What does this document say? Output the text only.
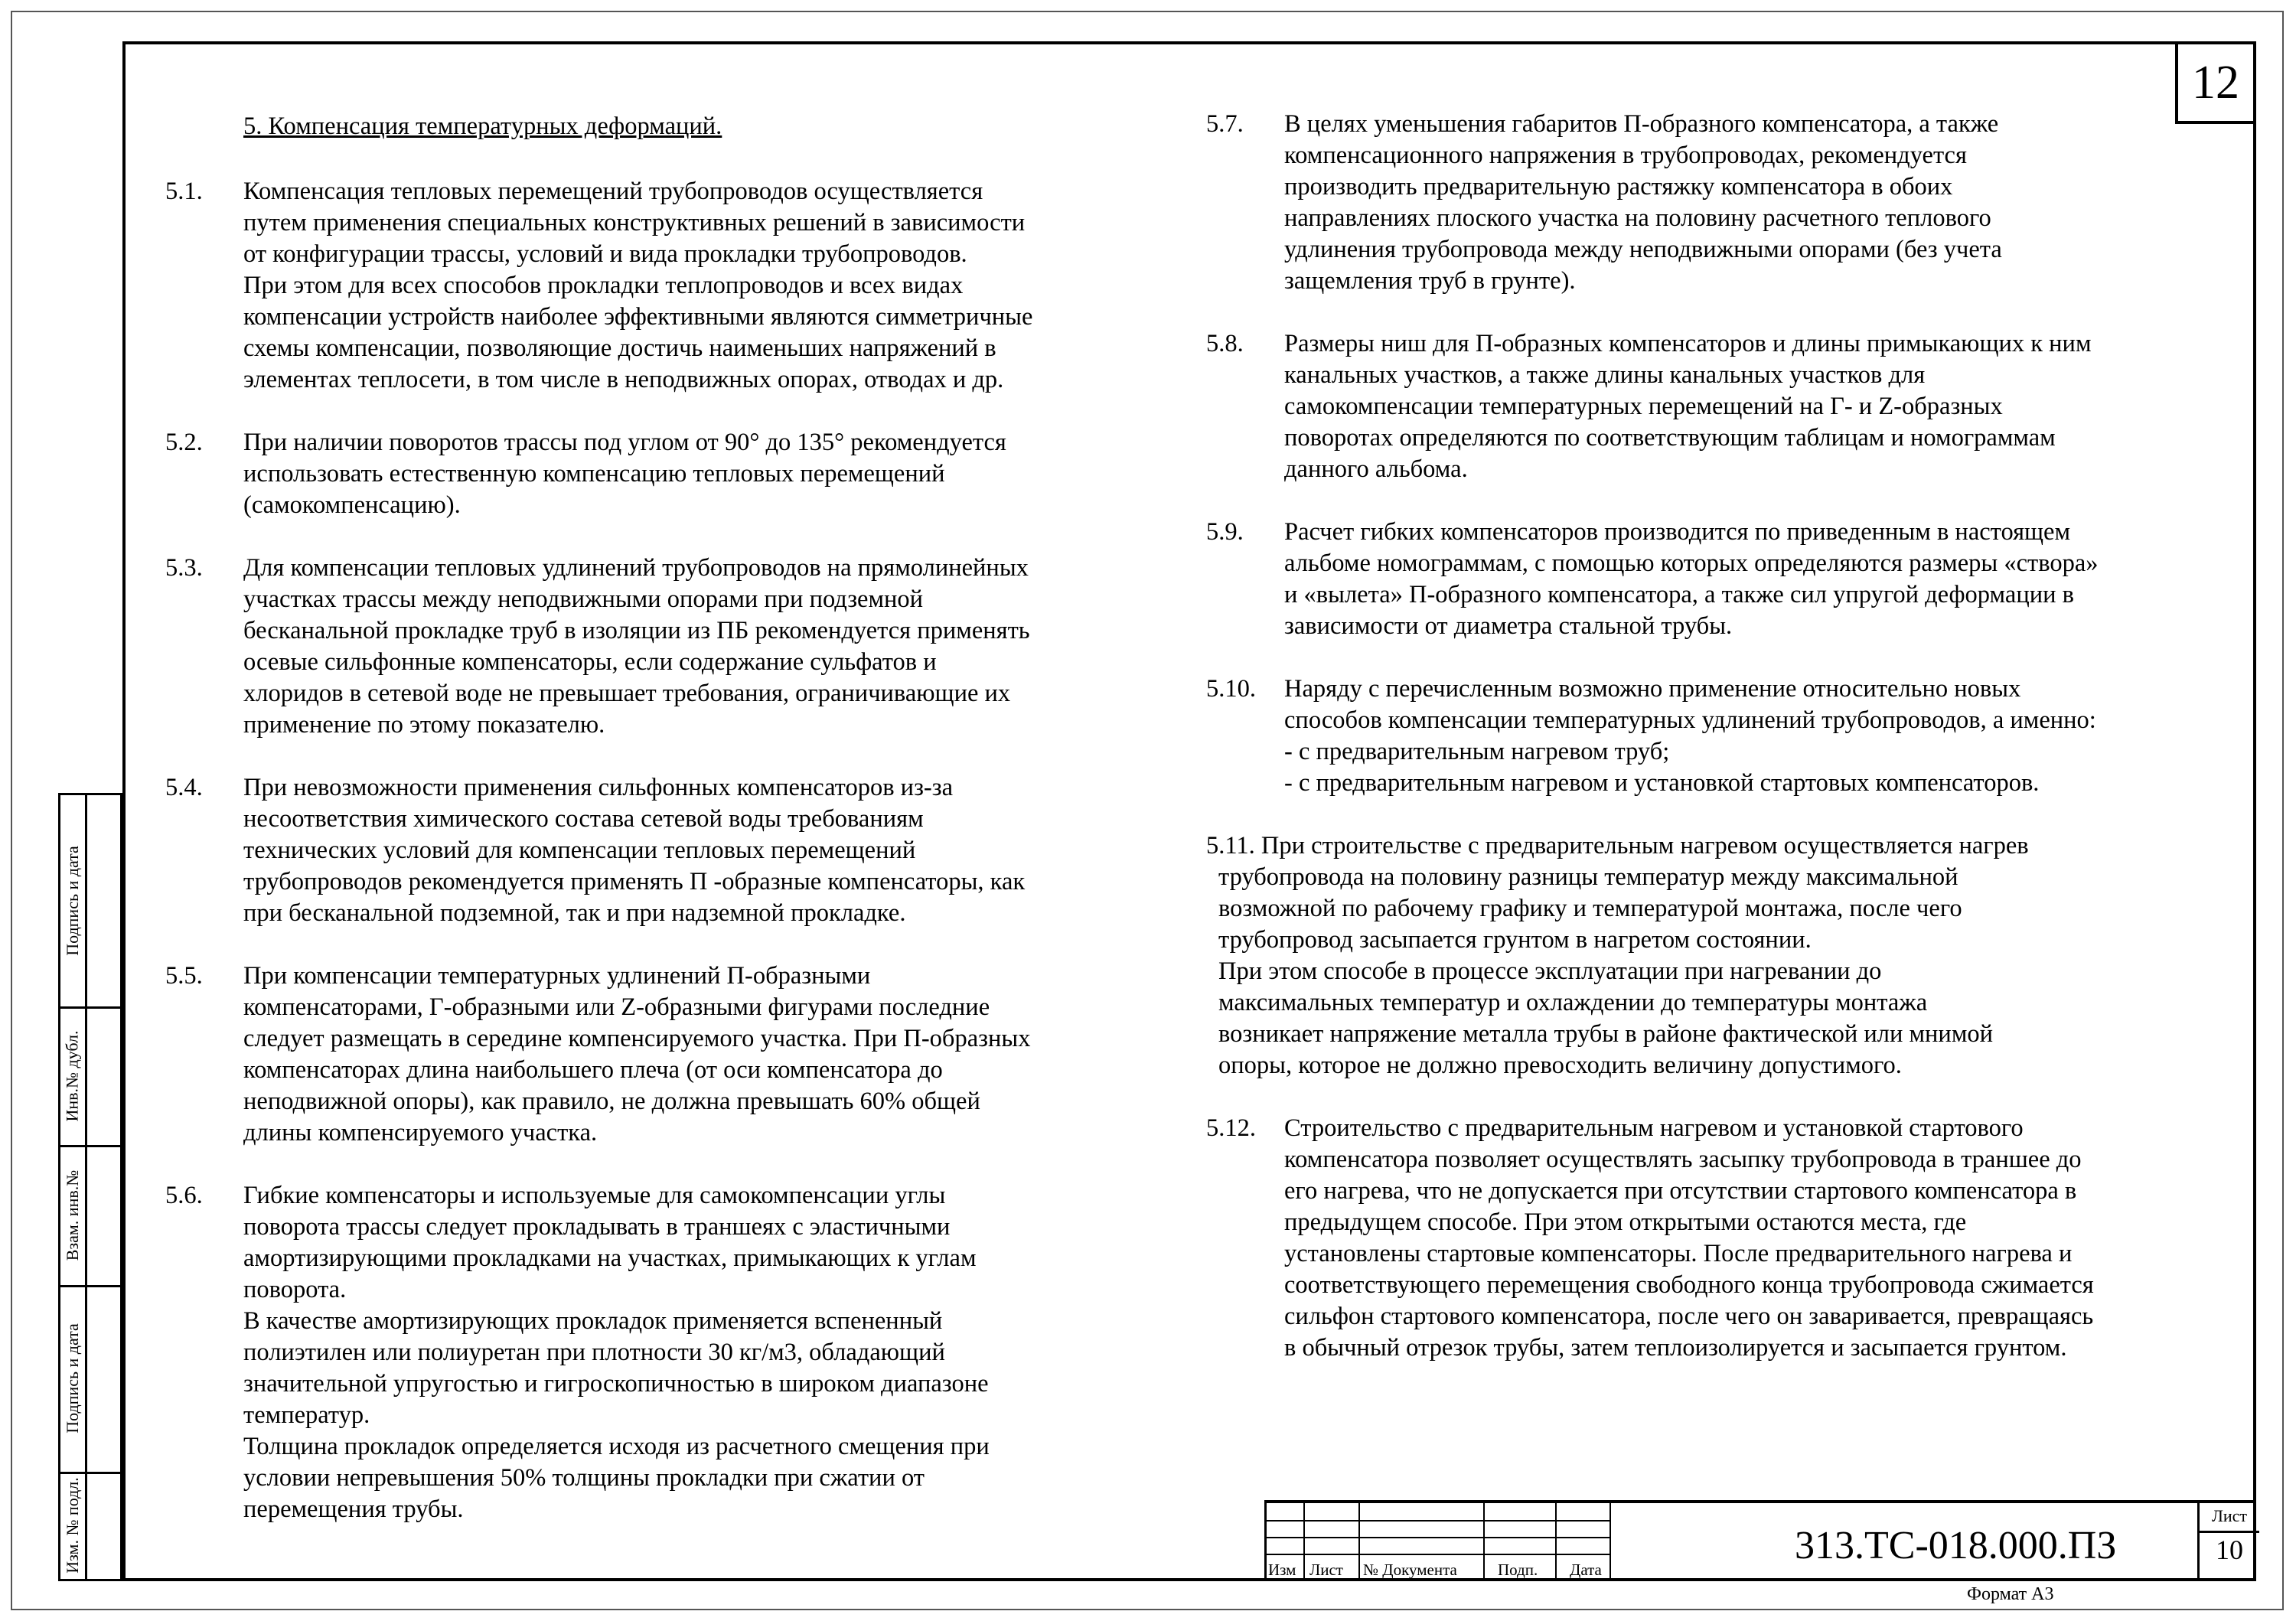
12
5. Компенсация температурных деформаций.
5.1.	Компенсация тепловых перемещений трубопроводов осуществляется

путем применения специальных конструктивных решений в зависимости

от конфигурации трассы, условий и вида прокладки трубопроводов.

При этом для всех способов прокладки теплопроводов и всех видах

компенсации устройств наиболее эффективными являются симметричные

схемы компенсации, позволяющие достичь наименьших напряжений в

элементах теплосети, в том числе в неподвижных опорах, отводах и др.

5.2.	При наличии поворотов трассы под углом от 90° до 135° рекомендуется

использовать естественную компенсацию тепловых перемещений

(самокомпенсацию).

5.3.	Для компенсации тепловых удлинений трубопроводов на прямолинейных

участках трассы между неподвижными опорами при подземной

бесканальной прокладке труб в изоляции из ПБ рекомендуется применять

осевые сильфонные компенсаторы, если содержание сульфатов и

хлоридов в сетевой воде не превышает требования, ограничивающие их

применение по этому показателю.

5.4.	При невозможности применения сильфонных компенсаторов из-за

несоответствия химического состава сетевой воды требованиям

технических условий для компенсации тепловых перемещений

трубопроводов рекомендуется применять П -образные компенсаторы, как

при бесканальной подземной, так и при надземной прокладке.

5.5.	При компенсации температурных удлинений П-образными

компенсаторами, Г-образными или Z-образными фигурами последние

следует размещать в середине компенсируемого участка. При П-образных

компенсаторах длина наибольшего плеча (от оси компенсатора до

неподвижной опоры), как правило, не должна превышать 60% общей

длины компенсируемого участка.

5.6.	Гибкие компенсаторы и используемые для самокомпенсации углы

поворота трассы следует прокладывать в траншеях с эластичными

амортизирующими прокладками на участках, примыкающих к углам

поворота.

В качестве амортизирующих прокладок применяется вспененный

полиэтилен или полиуретан при плотности 30 кг/м3, обладающий

значительной упругостью и гигроскопичностью в широком диапазоне

температур.

Толщина прокладок определяется исходя из расчетного смещения при

условии непревышения 50% толщины прокладки при сжатии от

перемещения трубы.

5.7.	В целях уменьшения габаритов П-образного компенсатора, а также

компенсационного напряжения в трубопроводах, рекомендуется

производить предварительную растяжку компенсатора в обоих

направлениях плоского участка на половину расчетного теплового

удлинения трубопровода между неподвижными опорами (без учета

защемления труб в грунте).

5.8.	Размеры ниш для П-образных компенсаторов и длины примыкающих к ним

канальных участков, а также длины канальных участков для

самокомпенсации температурных перемещений на Г- и Z-образных

поворотах определяются по соответствующим таблицам и номограммам

данного альбома.

5.9.	Расчет гибких компенсаторов производится по приведенным в настоящем

альбоме номограммам, с помощью которых определяются размеры «створа»

и «вылета» П-образного компенсатора, а также сил упругой деформации в

зависимости от диаметра стальной трубы.

5.10.	Наряду с перечисленным возможно применение относительно новых

способов компенсации температурных удлинений трубопроводов, а именно:

- с предварительным нагревом труб;

- с предварительным нагревом и установкой стартовых компенсаторов.

5.11. При строительстве с предварительным нагревом осуществляется нагрев

трубопровода на половину разницы температур между максимальной

возможной по рабочему графику и температурой монтажа, после чего

трубопровод засыпается грунтом в нагретом состоянии.

При этом способе в процессе эксплуатации при нагревании до

максимальных температур и охлаждении до температуры монтажа

возникает напряжение металла трубы в районе фактической или мнимой

опоры, которое не должно превосходить величину допустимого.

5.12.	Строительство с предварительным нагревом и установкой стартового

компенсатора позволяет осуществлять засыпку трубопровода в траншее до

его нагрева, что не допускается при отсутствии стартового компенсатора в

предыдущем способе. При этом открытыми остаются места, где

установлены стартовые компенсаторы. После предварительного нагрева и

соответствующего перемещения свободного конца трубопровода сжимается

сильфон стартового компенсатора, после чего он заваривается, превращаясь

в обычный отрезок трубы, затем теплоизолируется и засыпается грунтом.

Подпись и дата
Инв.№ дубл.
Взам. инв.№
Подпись и дата
Изм. № подл.	Изм Лист № Документа	Подп. Дата
313.ТС-018.000.ПЗ
Лист
10
Формат А3
